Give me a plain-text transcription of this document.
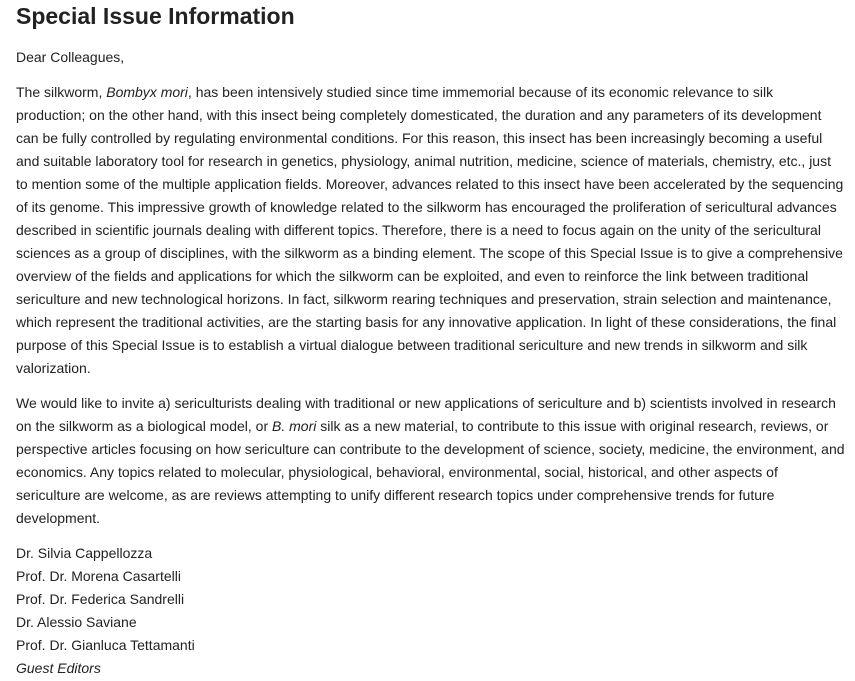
Special Issue Information

Dear Colleagues,

The silkworm, Bombyx mori, has been intensively studied since time immemorial because of its economic relevance to silk production; on the other hand, with this insect being completely domesticated, the duration and any parameters of its development can be fully controlled by regulating environmental conditions. For this reason, this insect has been increasingly becoming a useful and suitable laboratory tool for research in genetics, physiology, animal nutrition, medicine, science of materials, chemistry, etc., just to mention some of the multiple application fields. Moreover, advances related to this insect have been accelerated by the sequencing of its genome. This impressive growth of knowledge related to the silkworm has encouraged the proliferation of sericultural advances described in scientific journals dealing with different topics. Therefore, there is a need to focus again on the unity of the sericultural sciences as a group of disciplines, with the silkworm as a binding element. The scope of this Special Issue is to give a comprehensive overview of the fields and applications for which the silkworm can be exploited, and even to reinforce the link between traditional sericulture and new technological horizons. In fact, silkworm rearing techniques and preservation, strain selection and maintenance, which represent the traditional activities, are the starting basis for any innovative application. In light of these considerations, the final purpose of this Special Issue is to establish a virtual dialogue between traditional sericulture and new trends in silkworm and silk valorization.

We would like to invite a) sericulturists dealing with traditional or new applications of sericulture and b) scientists involved in research on the silkworm as a biological model, or B. mori silk as a new material, to contribute to this issue with original research, reviews, or perspective articles focusing on how sericulture can contribute to the development of science, society, medicine, the environment, and economics. Any topics related to molecular, physiological, behavioral, environmental, social, historical, and other aspects of sericulture are welcome, as are reviews attempting to unify different research topics under comprehensive trends for future development.

Dr. Silvia Cappellozza

Prof. Dr. Morena Casartelli

Prof. Dr. Federica Sandrelli

Dr. Alessio Saviane

Prof. Dr. Gianluca Tettamanti

Guest Editors
